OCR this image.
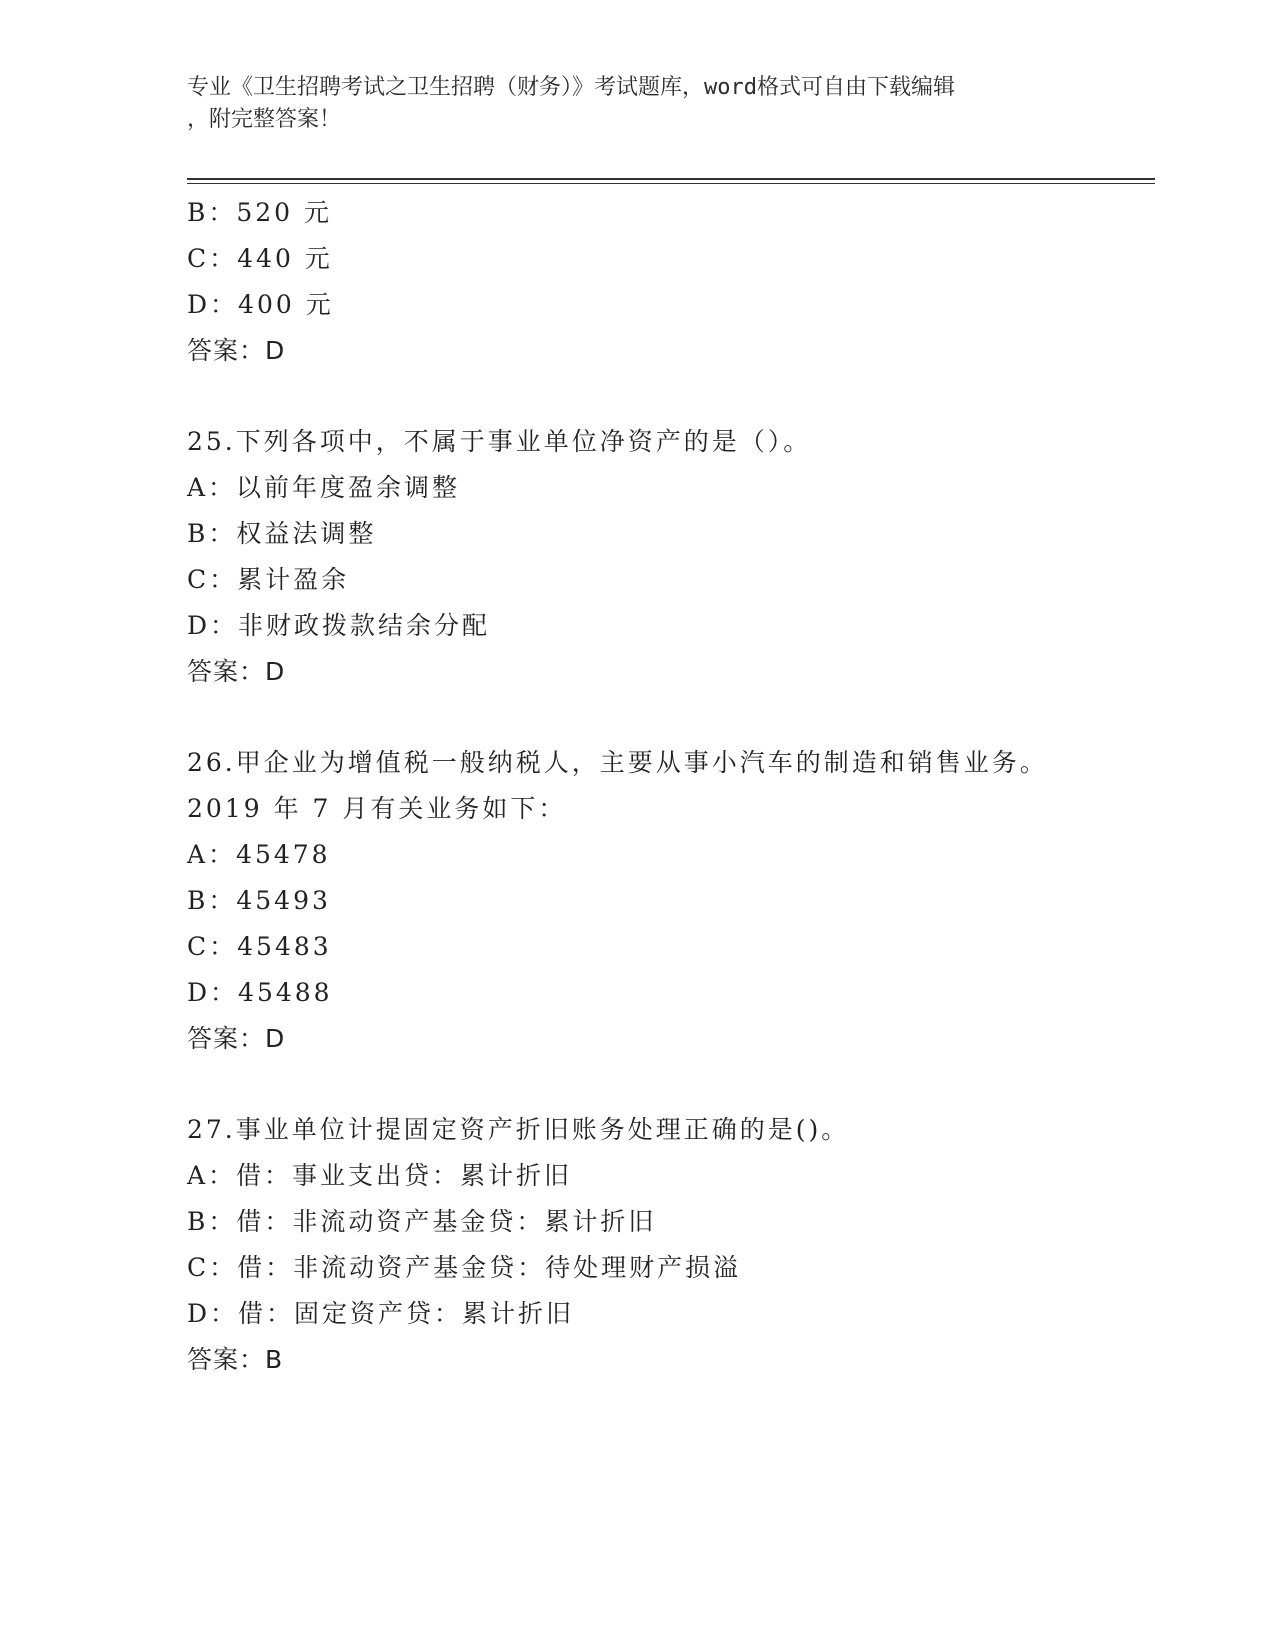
专业《卫生招聘考试之卫生招聘（财务）》考试题库，word格式可自由下载编辑
，附完整答案！
B：520 元
C：440 元
D：400 元
答案：D
25.下列各项中，不属于事业单位净资产的是（）。
A：以前年度盈余调整
B：权益法调整
C：累计盈余
D：非财政拨款结余分配
答案：D
26.甲企业为增值税一般纳税人，主要从事小汽车的制造和销售业务。
2019 年 7 月有关业务如下：
A：45478
B：45493
C：45483
D：45488
答案：D
27.事业单位计提固定资产折旧账务处理正确的是()。
A：借：事业支出贷：累计折旧
B：借：非流动资产基金贷：累计折旧
C：借：非流动资产基金贷：待处理财产损溢
D：借：固定资产贷：累计折旧
答案：B
